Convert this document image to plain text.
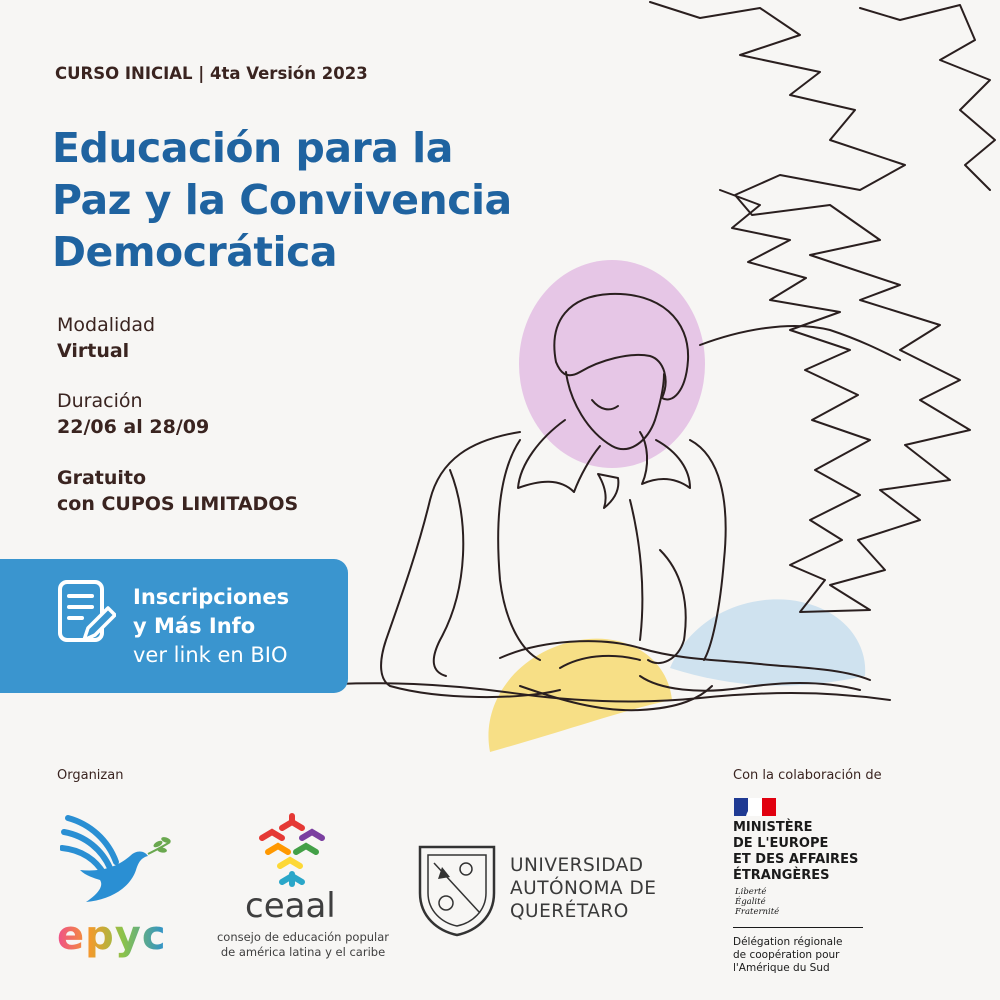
CURSO INICIAL | 4ta Versión 2023
Educación para la
Paz y la Convivencia
Democrática
Modalidad
Virtual
Duración
22/06 al 28/09
Gratuito
con CUPOS LIMITADOS
Inscripciones
y Más Info
ver link en BIO
Organizan	Con la colaboración de
epyc
ceaal
consejo de educación popular
de américa latina y el caribe
UNIVERSIDAD
AUTÓNOMA DE
QUERÉTARO
MINISTÈRE
DE L'EUROPE
ET DES AFFAIRES
ÉTRANGÈRES
Liberté
Égalité
Fraternité
Délégation régionale
de coopération pour
l'Amérique du Sud
